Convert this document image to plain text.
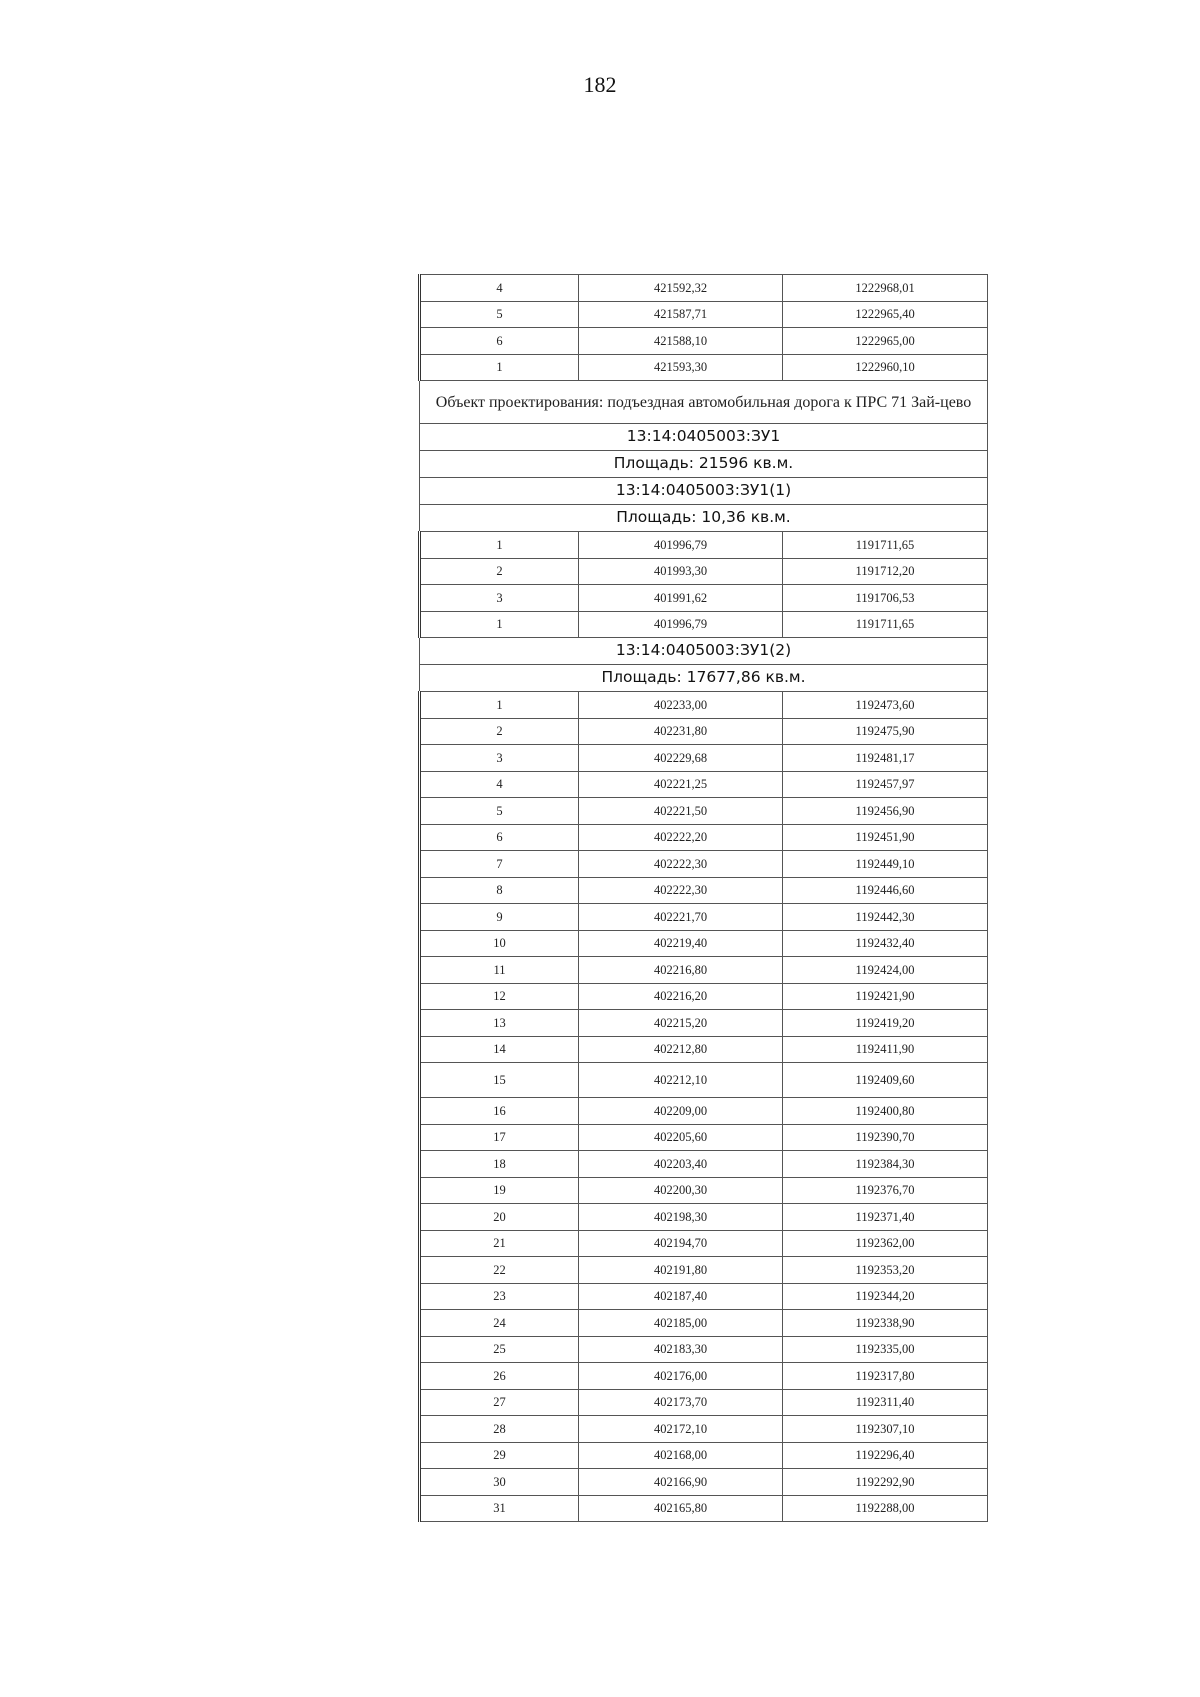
182
4	421592,32	1222968,01
5	421587,71	1222965,40
6	421588,10	1222965,00
1	421593,30	1222960,10
Объект проектирования: подъездная автомобильная дорога к ПРС 71 Зай-цево		
13:14:0405003:ЗУ1		
Площадь: 21596 кв.м.		
13:14:0405003:ЗУ1(1)		
Площадь: 10,36 кв.м.		
1	401996,79	1191711,65
2	401993,30	1191712,20
3	401991,62	1191706,53
1	401996,79	1191711,65
13:14:0405003:ЗУ1(2)		
Площадь: 17677,86 кв.м.		
1	402233,00	1192473,60
2	402231,80	1192475,90
3	402229,68	1192481,17
4	402221,25	1192457,97
5	402221,50	1192456,90
6	402222,20	1192451,90
7	402222,30	1192449,10
8	402222,30	1192446,60
9	402221,70	1192442,30
10	402219,40	1192432,40
11	402216,80	1192424,00
12	402216,20	1192421,90
13	402215,20	1192419,20
14	402212,80	1192411,90
15	402212,10	1192409,60
16	402209,00	1192400,80
17	402205,60	1192390,70
18	402203,40	1192384,30
19	402200,30	1192376,70
20	402198,30	1192371,40
21	402194,70	1192362,00
22	402191,80	1192353,20
23	402187,40	1192344,20
24	402185,00	1192338,90
25	402183,30	1192335,00
26	402176,00	1192317,80
27	402173,70	1192311,40
28	402172,10	1192307,10
29	402168,00	1192296,40
30	402166,90	1192292,90
31	402165,80	1192288,00
